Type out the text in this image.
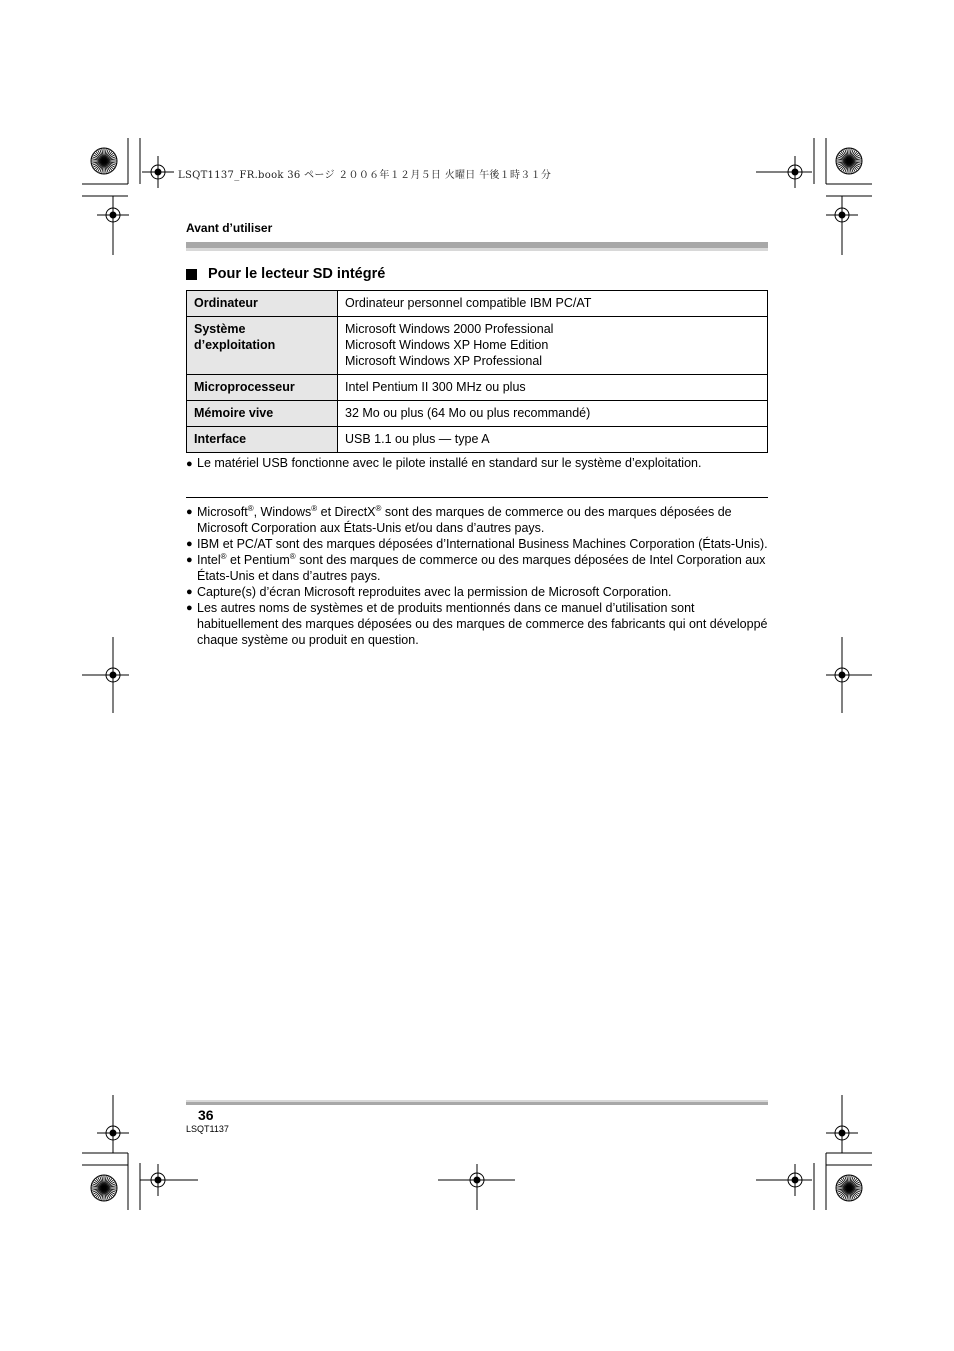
LSQT1137_FR.book 36 ページ ２００６年１２月５日 火曜日 午後１時３１分
Avant d’utiliser
Pour le lecteur SD intégré
Ordinateur	Ordinateur personnel compatible IBM PC/AT

Système d’exploitation	Microsoft Windows 2000 Professional
Microsoft Windows XP Home Edition
Microsoft Windows XP Professional

Microprocesseur	Intel Pentium II 300 MHz ou plus

Mémoire vive	32 Mo ou plus (64 Mo ou plus recommandé)

Interface	USB 1.1 ou plus — type A
● Le matériel USB fonctionne avec le pilote installé en standard sur le système d’exploitation.
● Microsoft®, Windows® et DirectX® sont des marques de commerce ou des marques déposées de Microsoft Corporation aux États-Unis et/ou dans d’autres pays.
● IBM et PC/AT sont des marques déposées d’International Business Machines Corporation (États-Unis).
● Intel® et Pentium® sont des marques de commerce ou des marques déposées de Intel Corporation aux États-Unis et dans d’autres pays.
● Capture(s) d’écran Microsoft reproduites avec la permission de Microsoft Corporation.
● Les autres noms de systèmes et de produits mentionnés dans ce manuel d’utilisation sont habituellement des marques déposées ou des marques de commerce des fabricants qui ont développé chaque système ou produit en question.
36
LSQT1137
